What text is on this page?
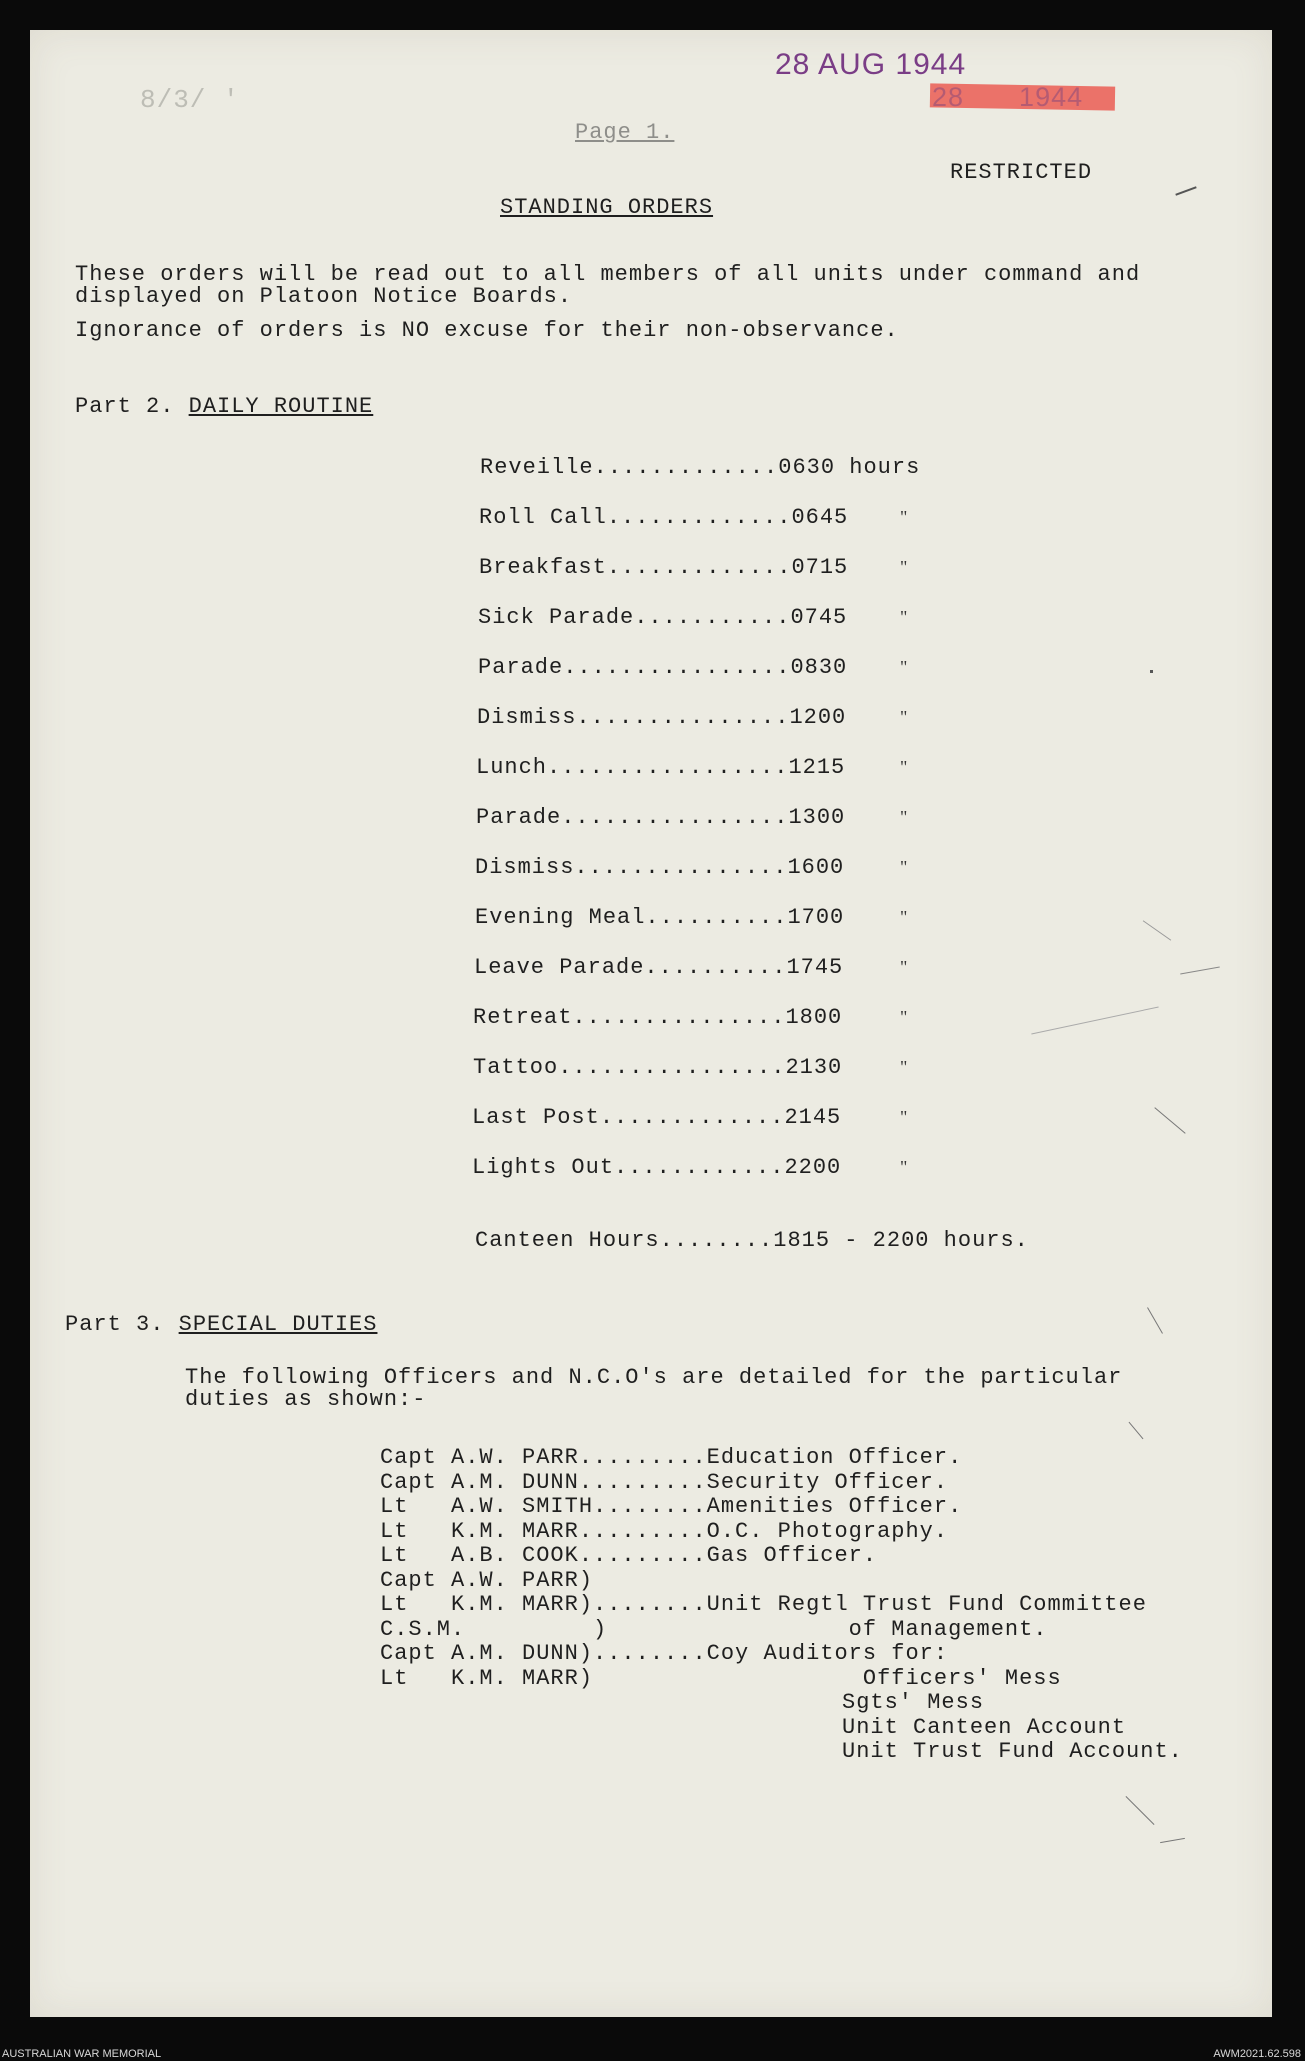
28 AUG 1944
28 1944
8/3/ '
Page 1.
RESTRICTED
STANDING ORDERS
These orders will be read out to all members of all units under command and
displayed on Platoon Notice Boards.
Ignorance of orders is NO excuse for their non-observance.
Part 2. DAILY ROUTINE
Canteen Hours........1815 - 2200 hours.
Part 3. SPECIAL DUTIES
The following Officers and N.C.O's are detailed for the particular
duties as shown:-
Reveille.............0630 hours
Roll Call.............0645	"
Breakfast.............0715	"
Sick Parade...........0745	"
Parade................0830	"
Dismiss...............1200	"
Lunch.................1215	"
Parade................1300	"
Dismiss...............1600	"
Evening Meal..........1700	"
Leave Parade..........1745	"
Retreat...............1800	"
Tattoo................2130	"
Last Post.............2145	"
Lights Out............2200	"
Capt A.W. PARR.........Education Officer.
Capt A.M. DUNN.........Security Officer.
Lt   A.W. SMITH........Amenities Officer.
Lt   K.M. MARR.........O.C. Photography.
Lt   A.B. COOK.........Gas Officer.
Capt A.W. PARR)
Lt   K.M. MARR)........Unit Regtl Trust Fund Committee
C.S.M.         )                 of Management.
Capt A.M. DUNN)........Coy Auditors for:
Lt   K.M. MARR)                   Officers' Mess
Sgts' Mess
Unit Canteen Account
Unit Trust Fund Account.
AUSTRALIAN WAR MEMORIAL	AWM2021.62.598
